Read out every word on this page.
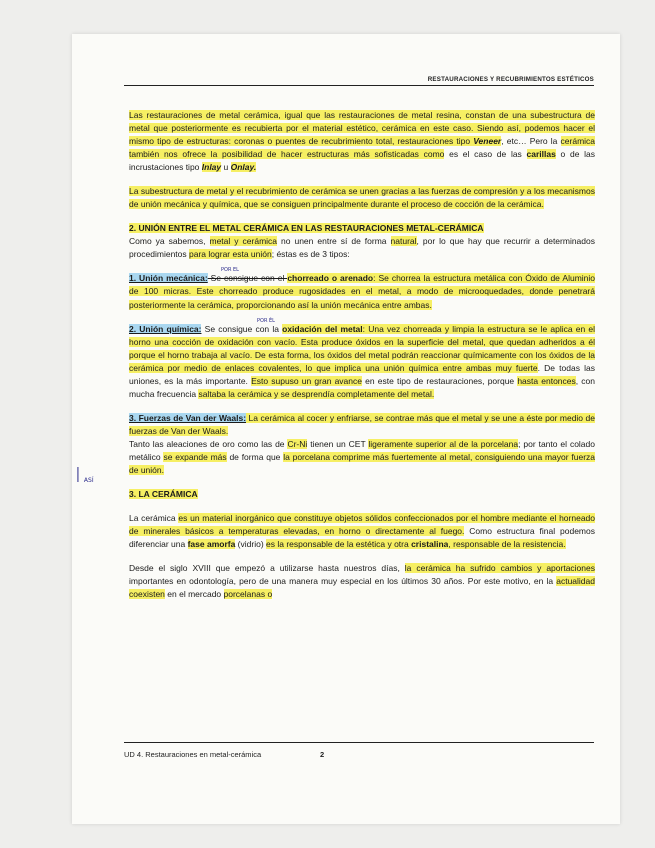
RESTAURACIONES Y RECUBRIMIENTOS ESTÉTICOS
IASÍ

Las restauraciones de metal cerámica, igual que las restauraciones de metal resina, constan de una subestructura de metal que posteriormente es recubierta por el material estético, cerámica en este caso. Siendo así, podemos hacer el mismo tipo de estructuras: coronas o puentes de recubrimiento total, restauraciones tipo Veneer, etc… Pero la cerámica también nos ofrece la posibilidad de hacer estructuras más sofisticadas como es el caso de las carillas o de las incrustaciones tipo Inlay u Onlay.

La subestructura de metal y el recubrimiento de cerámica se unen gracias a las fuerzas de compresión y a los mecanismos de unión mecánica y química, que se consiguen principalmente durante el proceso de cocción de la cerámica.

2. UNIÓN ENTRE EL METAL CERÁMICA EN LAS RESTAURACIONES METAL-CERÁMICA

Como ya sabemos, metal y cerámica no unen entre sí de forma natural, por lo que hay que recurrir a determinados procedimientos para lograr esta unión; éstas es de 3 tipos:

POR EL

1. Unión mecánica: Se consigue con el chorreado o arenado: Se chorrea la estructura metálica con Óxido de Aluminio de 100 micras. Este chorreado produce rugosidades en el metal, a modo de microoquedades, donde penetrará posteriormente la cerámica, proporcionando así la unión mecánica entre ambas.

POR ÉL

2. Unión química: Se consigue con la oxidación del metal: Una vez chorreada y limpia la estructura se le aplica en el horno una cocción de oxidación con vacío. Esta produce óxidos en la superficie del metal, que quedan adheridos a él porque el horno trabaja al vacío. De esta forma, los óxidos del metal podrán reaccionar químicamente con los óxidos de la cerámica por medio de enlaces covalentes, lo que implica una unión química entre ambas muy fuerte. De todas las uniones, es la más importante. Esto supuso un gran avance en este tipo de restauraciones, porque hasta entonces, con mucha frecuencia saltaba la cerámica y se desprendía completamente del metal.

3. Fuerzas de Van der Waals: La cerámica al cocer y enfriarse, se contrae más que el metal y se une a éste por medio de fuerzas de Van der Waals.
Tanto las aleaciones de oro como las de Cr-Ni tienen un CET ligeramente superior al de la porcelana; por tanto el colado metálico se expande más de forma que la porcelana comprime más fuertemente al metal, consiguiendo una mayor fuerza de unión.

3. LA CERÁMICA

La cerámica es un material inorgánico que constituye objetos sólidos confeccionados por el hombre mediante el horneado de minerales básicos a temperaturas elevadas, en horno o directamente al fuego. Como estructura final podemos diferenciar una fase amorfa (vidrio) es la responsable de la estética y otra cristalina, responsable de la resistencia.

Desde el siglo XVIII que empezó a utilizarse hasta nuestros días, la cerámica ha sufrido cambios y aportaciones importantes en odontología, pero de una manera muy especial en los últimos 30 años. Por este motivo, en la actualidad coexisten en el mercado porcelanas o

UD 4. Restauraciones en metal-cerámica	2
